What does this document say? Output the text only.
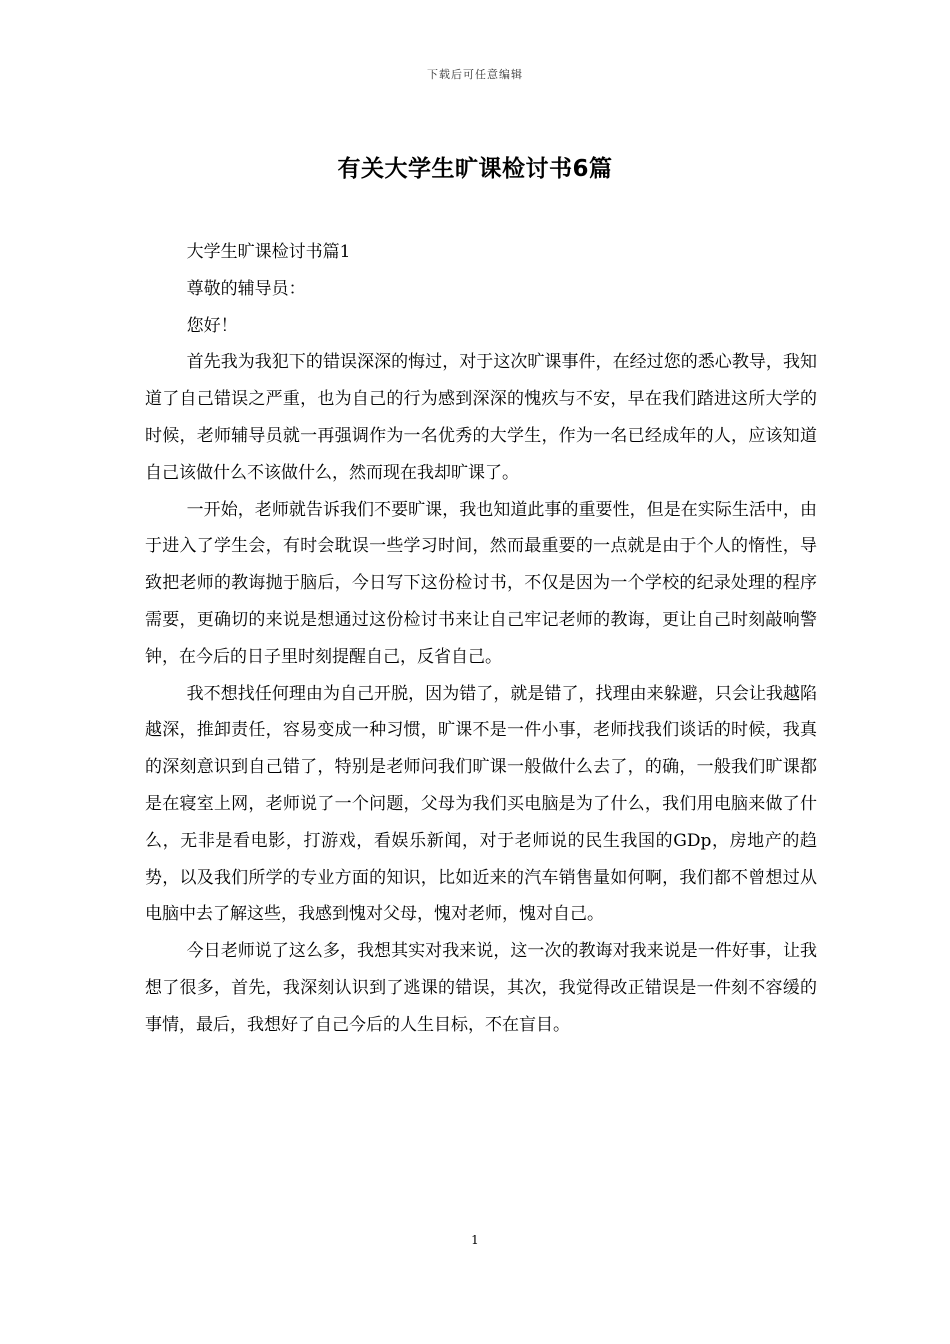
下载后可任意编辑
有关大学生旷课检讨书6篇

大学生旷课检讨书篇1

尊敬的辅导员：

您好！

首先我为我犯下的错误深深的悔过，对于这次旷课事件，在经过您的悉心教导，我知道了自己错误之严重，也为自己的行为感到深深的愧疚与不安，早在我们踏进这所大学的时候，老师辅导员就一再强调作为一名优秀的大学生，作为一名已经成年的人，应该知道自己该做什么不该做什么，然而现在我却旷课了。

一开始，老师就告诉我们不要旷课，我也知道此事的重要性，但是在实际生活中，由于进入了学生会，有时会耽误一些学习时间，然而最重要的一点就是由于个人的惰性，导致把老师的教诲抛于脑后，今日写下这份检讨书，不仅是因为一个学校的纪录处理的程序需要，更确切的来说是想通过这份检讨书来让自己牢记老师的教诲，更让自己时刻敲响警钟，在今后的日子里时刻提醒自己，反省自己。

我不想找任何理由为自己开脱，因为错了，就是错了，找理由来躲避，只会让我越陷越深，推卸责任，容易变成一种习惯，旷课不是一件小事，老师找我们谈话的时候，我真的深刻意识到自己错了，特别是老师问我们旷课一般做什么去了，的确，一般我们旷课都是在寝室上网，老师说了一个问题，父母为我们买电脑是为了什么，我们用电脑来做了什么，无非是看电影，打游戏，看娱乐新闻，对于老师说的民生我国的GDp，房地产的趋势，以及我们所学的专业方面的知识，比如近来的汽车销售量如何啊，我们都不曾想过从电脑中去了解这些，我感到愧对父母，愧对老师，愧对自己。

今日老师说了这么多，我想其实对我来说，这一次的教诲对我来说是一件好事，让我想了很多，首先，我深刻认识到了逃课的错误，其次，我觉得改正错误是一件刻不容缓的事情，最后，我想好了自己今后的人生目标，不在盲目。

1
